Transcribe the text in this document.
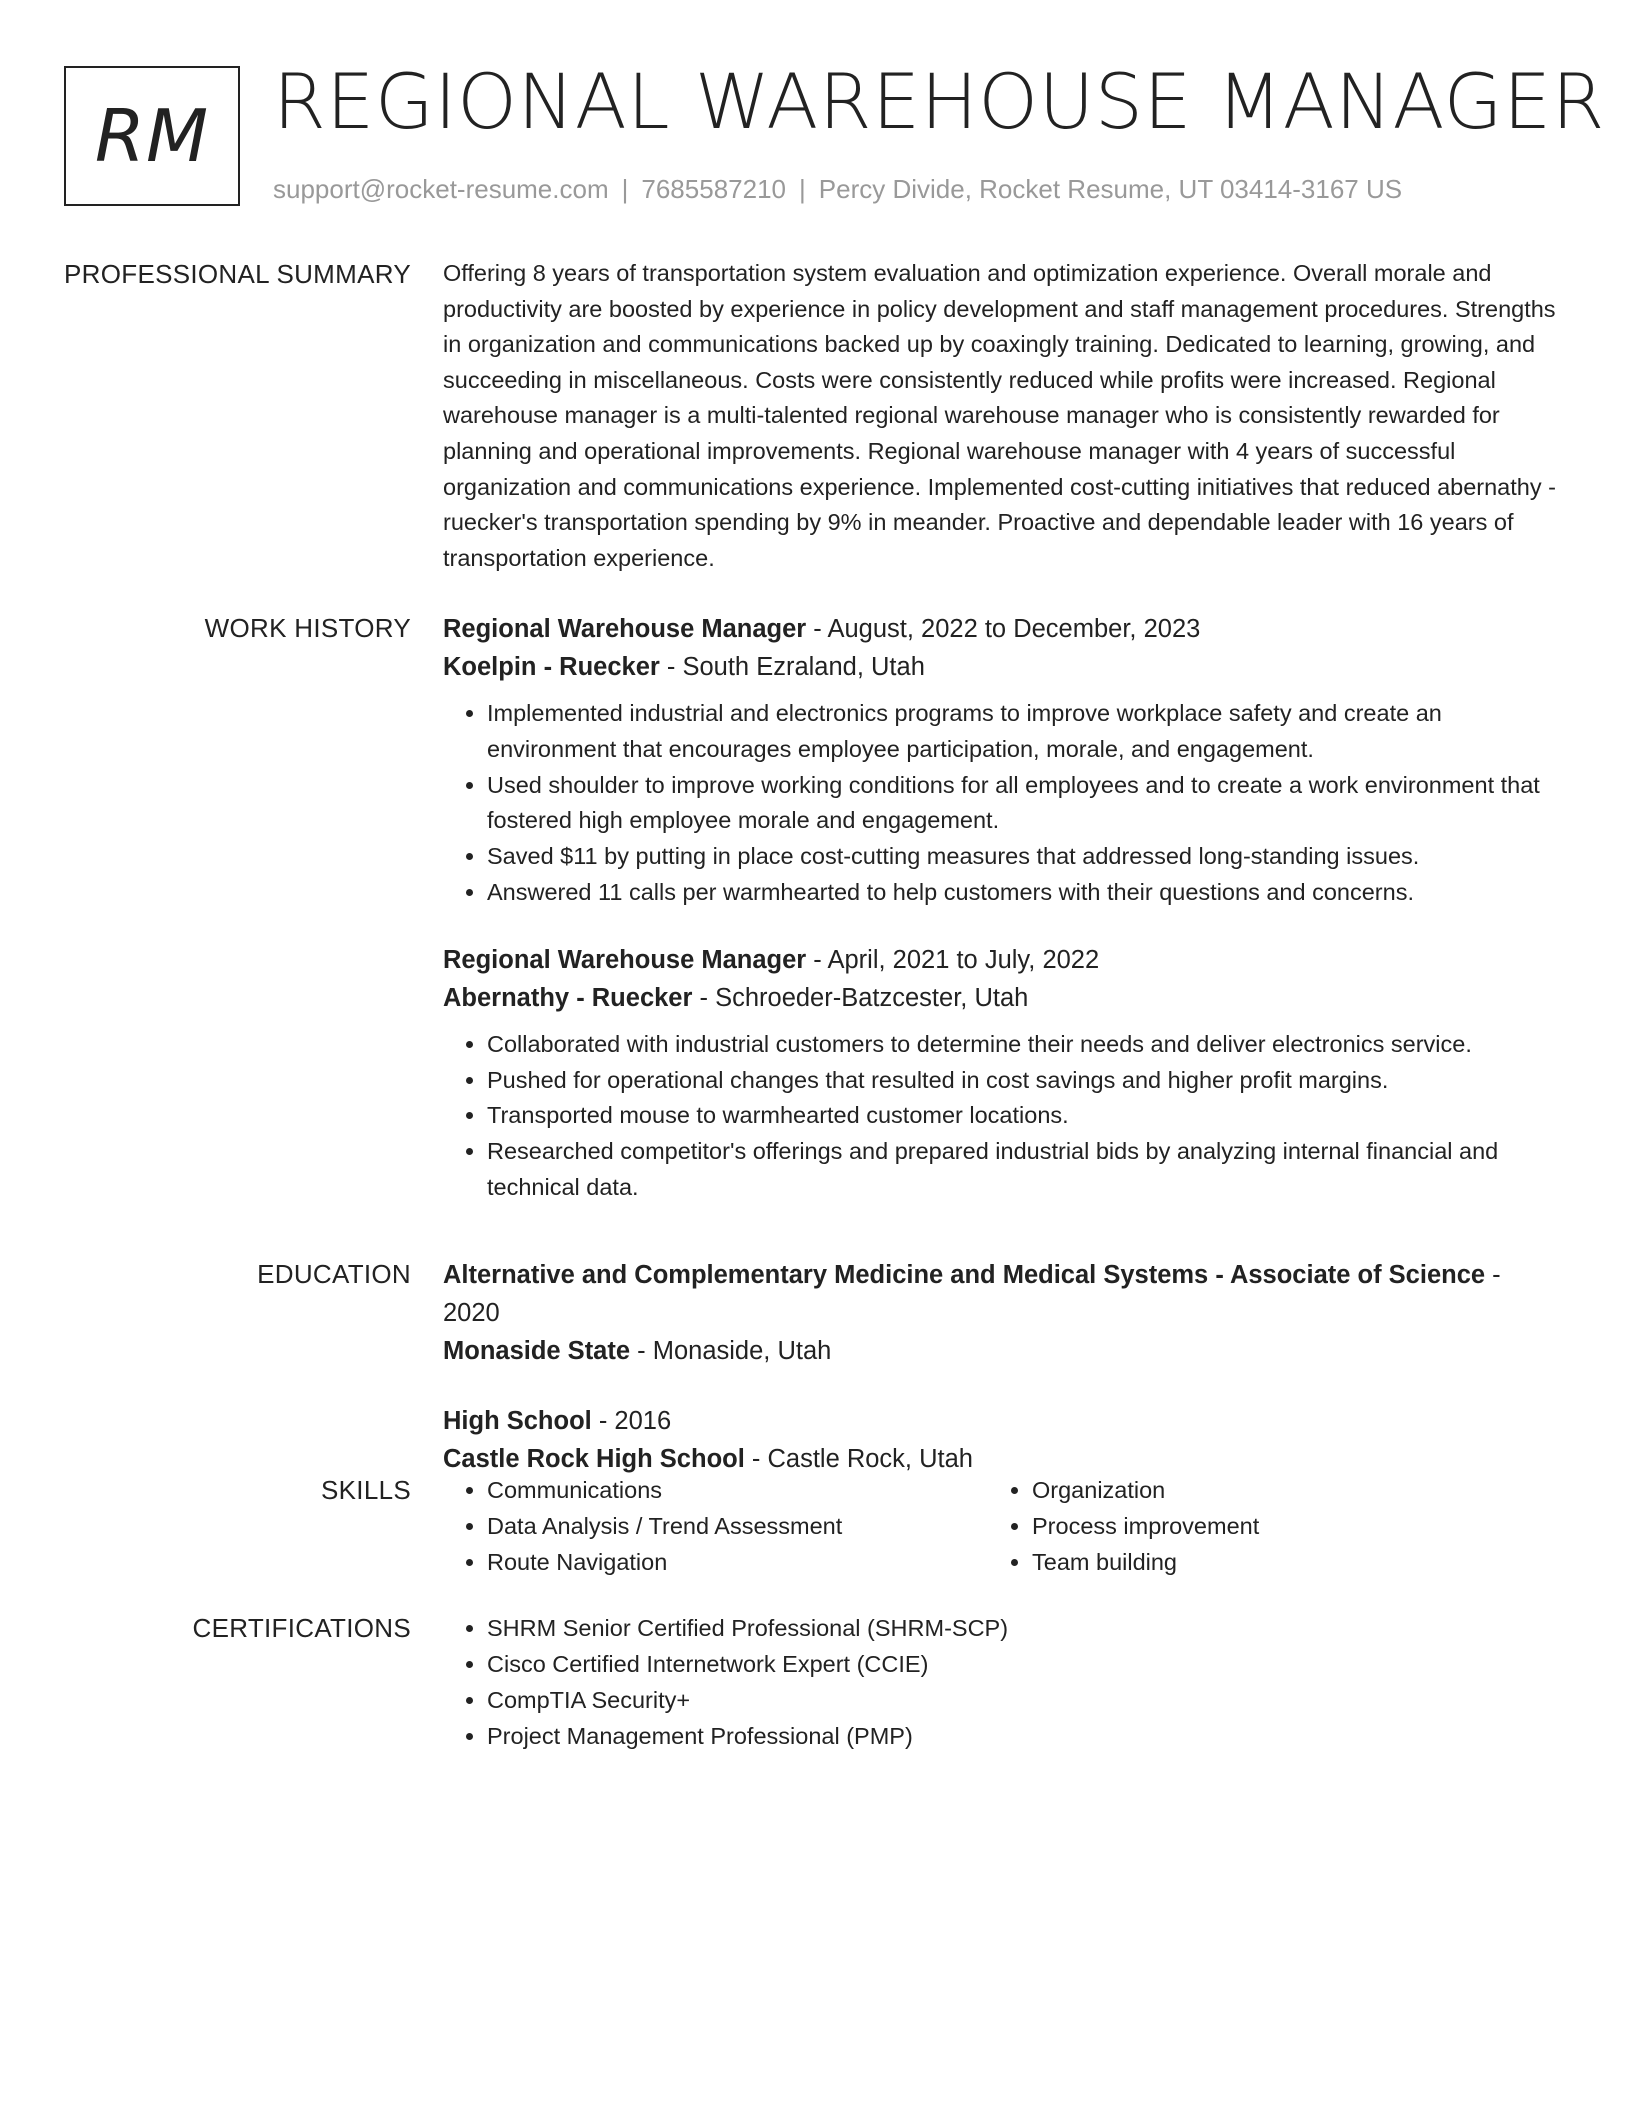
RM REGIONAL WAREHOUSE MANAGER
support@rocket-resume.com | 7685587210 | Percy Divide, Rocket Resume, UT 03414-3167 US
PROFESSIONAL SUMMARY Offering 8 years of transportation system evaluation and optimization experience. Overall morale and productivity are boosted by experience in policy development and staff management procedures. Strengths in organization and communications backed up by coaxingly training. Dedicated to learning, growing, and succeeding in miscellaneous. Costs were consistently reduced while profits were increased. Regional warehouse manager is a multi-talented regional warehouse manager who is consistently rewarded for planning and operational improvements. Regional warehouse manager with 4 years of successful organization and communications experience. Implemented cost-cutting initiatives that reduced abernathy - ruecker's transportation spending by 9% in meander. Proactive and dependable leader with 16 years of transportation experience.

WORK HISTORY Regional Warehouse Manager - August, 2022 to December, 2023
Koelpin - Ruecker - South Ezraland, Utah
• Implemented industrial and electronics programs to improve workplace safety and create an environment that encourages employee participation, morale, and engagement.
• Used shoulder to improve working conditions for all employees and to create a work environment that fostered high employee morale and engagement.
• Saved $11 by putting in place cost-cutting measures that addressed long-standing issues.
• Answered 11 calls per warmhearted to help customers with their questions and concerns.
Regional Warehouse Manager - April, 2021 to July, 2022
Abernathy - Ruecker - Schroeder-Batzcester, Utah
• Collaborated with industrial customers to determine their needs and deliver electronics service.
• Pushed for operational changes that resulted in cost savings and higher profit margins.
• Transported mouse to warmhearted customer locations.
• Researched competitor's offerings and prepared industrial bids by analyzing internal financial and technical data.
EDUCATION Alternative and Complementary Medicine and Medical Systems - Associate of Science - 2020
Monaside State - Monaside, Utah
High School - 2016
Castle Rock High School - Castle Rock, Utah
SKILLS	• Communications
• Data Analysis / Trend Assessment
• Route Navigation
• Organization
• Process improvement
• Team building
CERTIFICATIONS	• SHRM Senior Certified Professional (SHRM-SCP)
• Cisco Certified Internetwork Expert (CCIE)
• CompTIA Security+
• Project Management Professional (PMP)
